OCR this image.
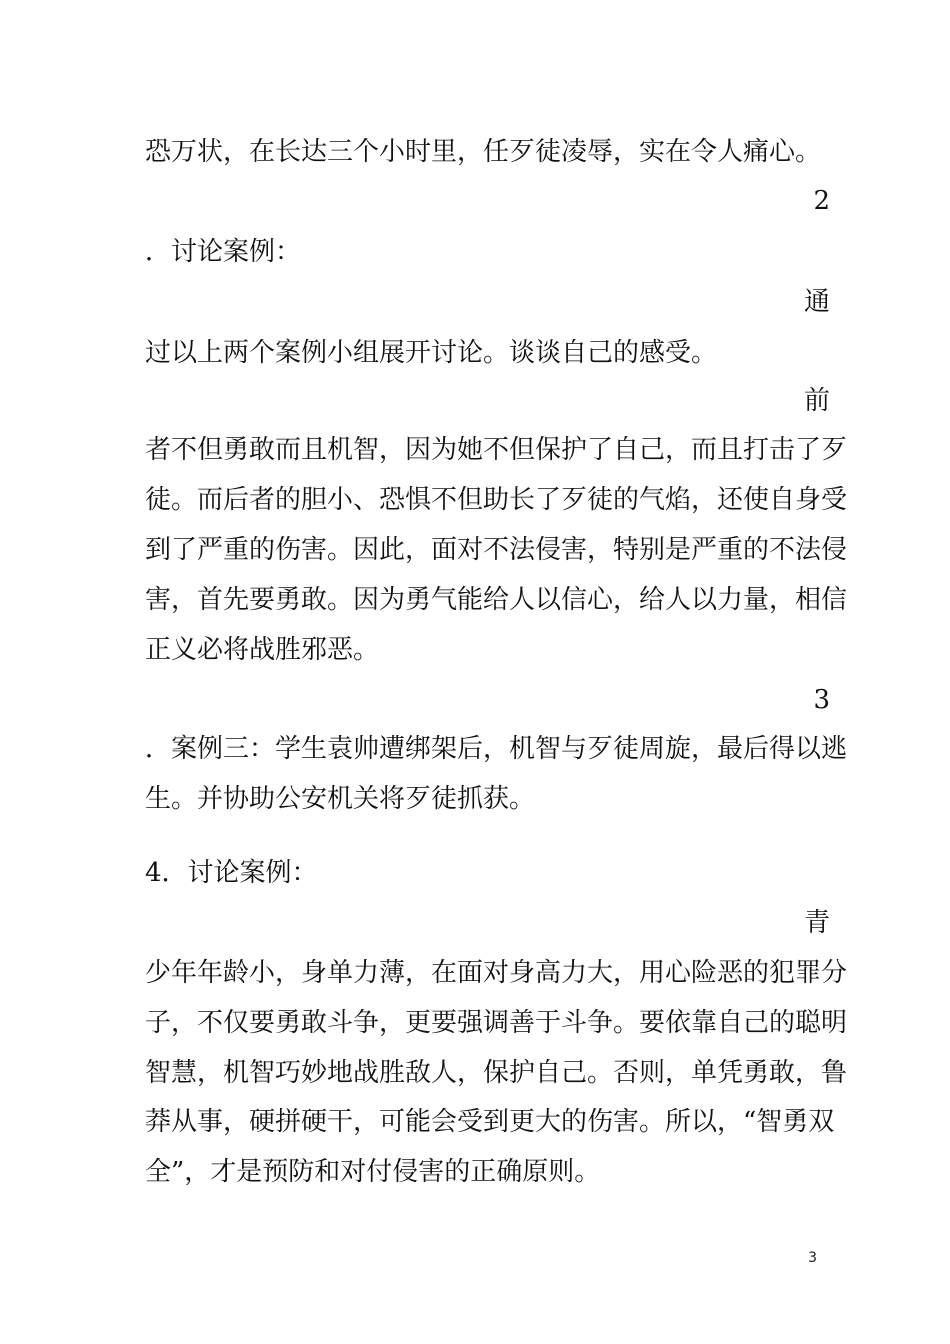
恐万状，在长达三个小时里，任歹徒凌辱，实在令人痛心。
2
．讨论案例：
通
过以上两个案例小组展开讨论。谈谈自己的感受。
前
者不但勇敢而且机智，因为她不但保护了自己，而且打击了歹
徒。而后者的胆小、恐惧不但助长了歹徒的气焰，还使自身受
到了严重的伤害。因此，面对不法侵害，特别是严重的不法侵
害，首先要勇敢。因为勇气能给人以信心，给人以力量，相信
正义必将战胜邪恶。
3
．案例三：学生袁帅遭绑架后，机智与歹徒周旋，最后得以逃
生。并协助公安机关将歹徒抓获。
4．讨论案例：
青
少年年龄小，身单力薄，在面对身高力大，用心险恶的犯罪分
子，不仅要勇敢斗争，更要强调善于斗争。要依靠自己的聪明
智慧，机智巧妙地战胜敌人，保护自己。否则，单凭勇敢，鲁
莽从事，硬拼硬干，可能会受到更大的伤害。所以，“智勇双
全”，才是预防和对付侵害的正确原则。
3
